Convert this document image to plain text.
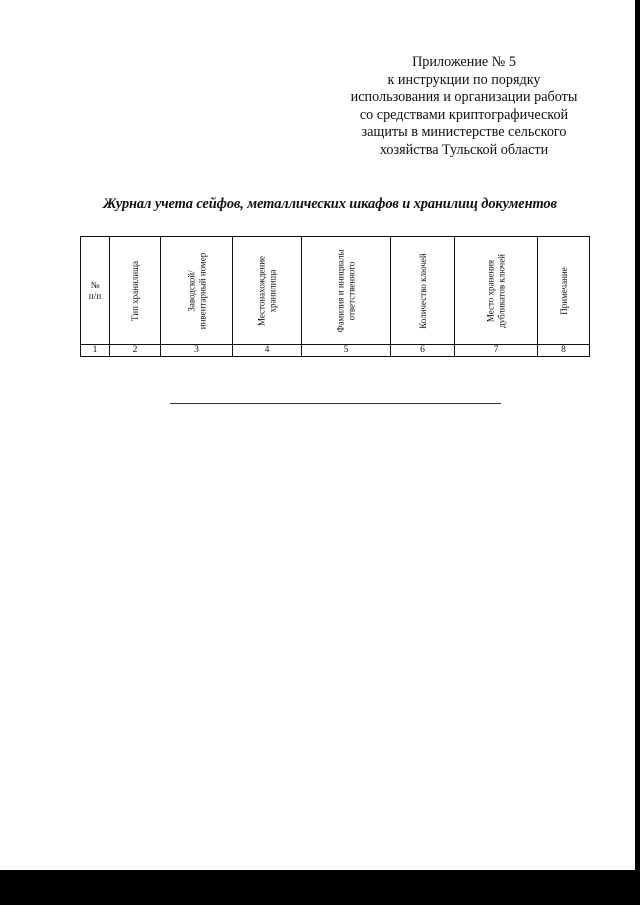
Приложение № 5
к инструкции по порядку
использования и организации работы
со средствами криптографической
защиты в министерстве сельского
хозяйства Тульской области
Журнал учета сейфов, металлических шкафов и хранилищ документов
№
п/п	Тип хранилища	Заводской/ инвентарный номер	Местонахождение хранилища	Фамилия и инициалы ответственного	Количество ключей	Место хранения дубликатов ключей	Примечание

1	2	3	4	5	6	7	8
